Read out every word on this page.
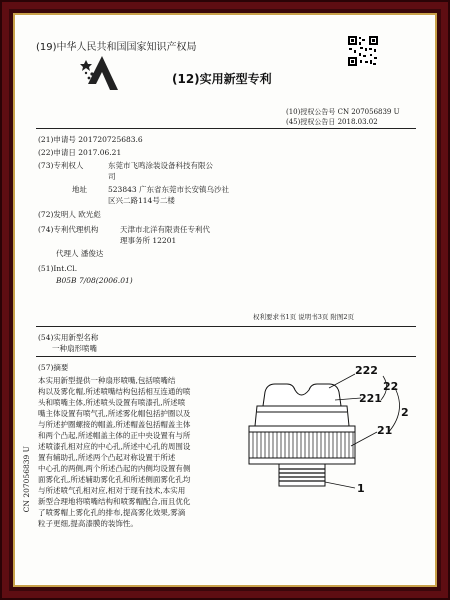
(19)中华人民共和国国家知识产权局
(12)实用新型专利
(10)授权公告号 CN 207056839 U
(45)授权公告日 2018.03.02
(21)申请号 201720725683.6
(22)申请日 2017.06.21
(73)专利权人	东莞市飞鸣涂装设备科技有限公
司
地址	523843 广东省东莞市长安镇乌沙社
区兴二路114号二楼
(72)发明人 欧光彪
(74)专利代理机构	天津市北洋有限责任专利代
理事务所 12201
代理人 潘俊达
(51)Int.Cl.
B05B 7/08(2006.01)
权利要求书1页 说明书3页 附图2页
(54)实用新型名称
一种扇形喷嘴
(57)摘要
本实用新型提供一种扇形喷嘴,包括喷嘴结
构以及雾化帽,所述喷嘴结构包括相互连通的喷
头和喷嘴主体,所述喷头设置有喷漆孔,所述喷
嘴主体设置有喷气孔,所述雾化帽包括护圈以及
与所述护圈螺接的帽盖,所述帽盖包括帽盖主体
和两个凸起,所述帽盖主体的正中央设置有与所
述喷漆孔相对应的中心孔,所述中心孔的周围设
置有辅助孔,所述两个凸起对称设置于所述
中心孔的两侧,两个所述凸起的内侧均设置有侧
面雾化孔,所述辅助雾化孔和所述侧面雾化孔均
与所述喷气孔相对应,相对于现有技术,本实用
新型合理地将喷嘴结构和喷雾帽配合,而且优化
了喷雾帽上雾化孔的排布,提高雾化效果,雾滴
粒子更细,提高漆膜的装饰性。
222
22
221
2
21
1
CN 207056839 U
